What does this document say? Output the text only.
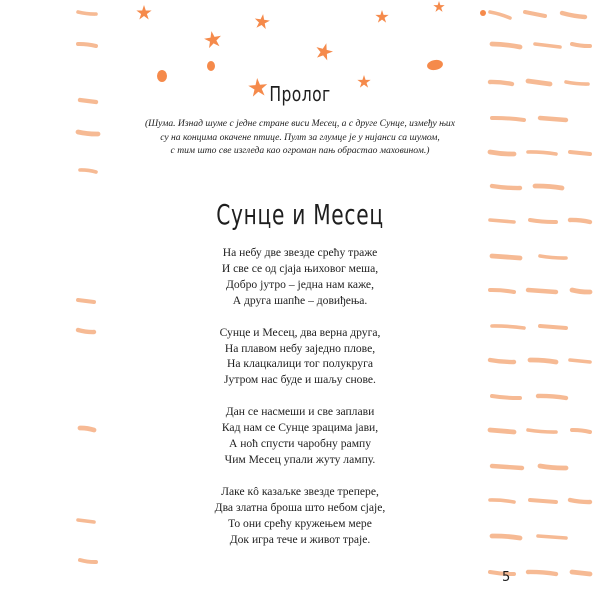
Пролог
(Шума. Изнад шуме с једне стране виси Месец, а с друге Сунце, између њих
су на концима окачене птице. Пулт за глумце је у нијанси са шумом,
с тим што све изгледа као огроман пањ обрастао маховином.)
Сунце и Месец
На небу две звезде срећу траже
И све се од сјаја њиховог меша,
Добро јутро – једна нам каже,
А друга шапће – довиђења.
Сунце и Месец, два верна друга,
На плавом небу заједно плове,
На клацкалици тог полукруга
Јутром нас буде и шаљу снове.
Дан се насмеши и све заплави
Кад нам се Сунце зрацима јави,
А ноћ спусти чаробну рампу
Чим Месец упали жуту лампу.
Лаке кô казаљке звезде трепере,
Два златна броша што небом сјаје,
То они срећу кружењем мере
Док игра тече и живот траје.
5
